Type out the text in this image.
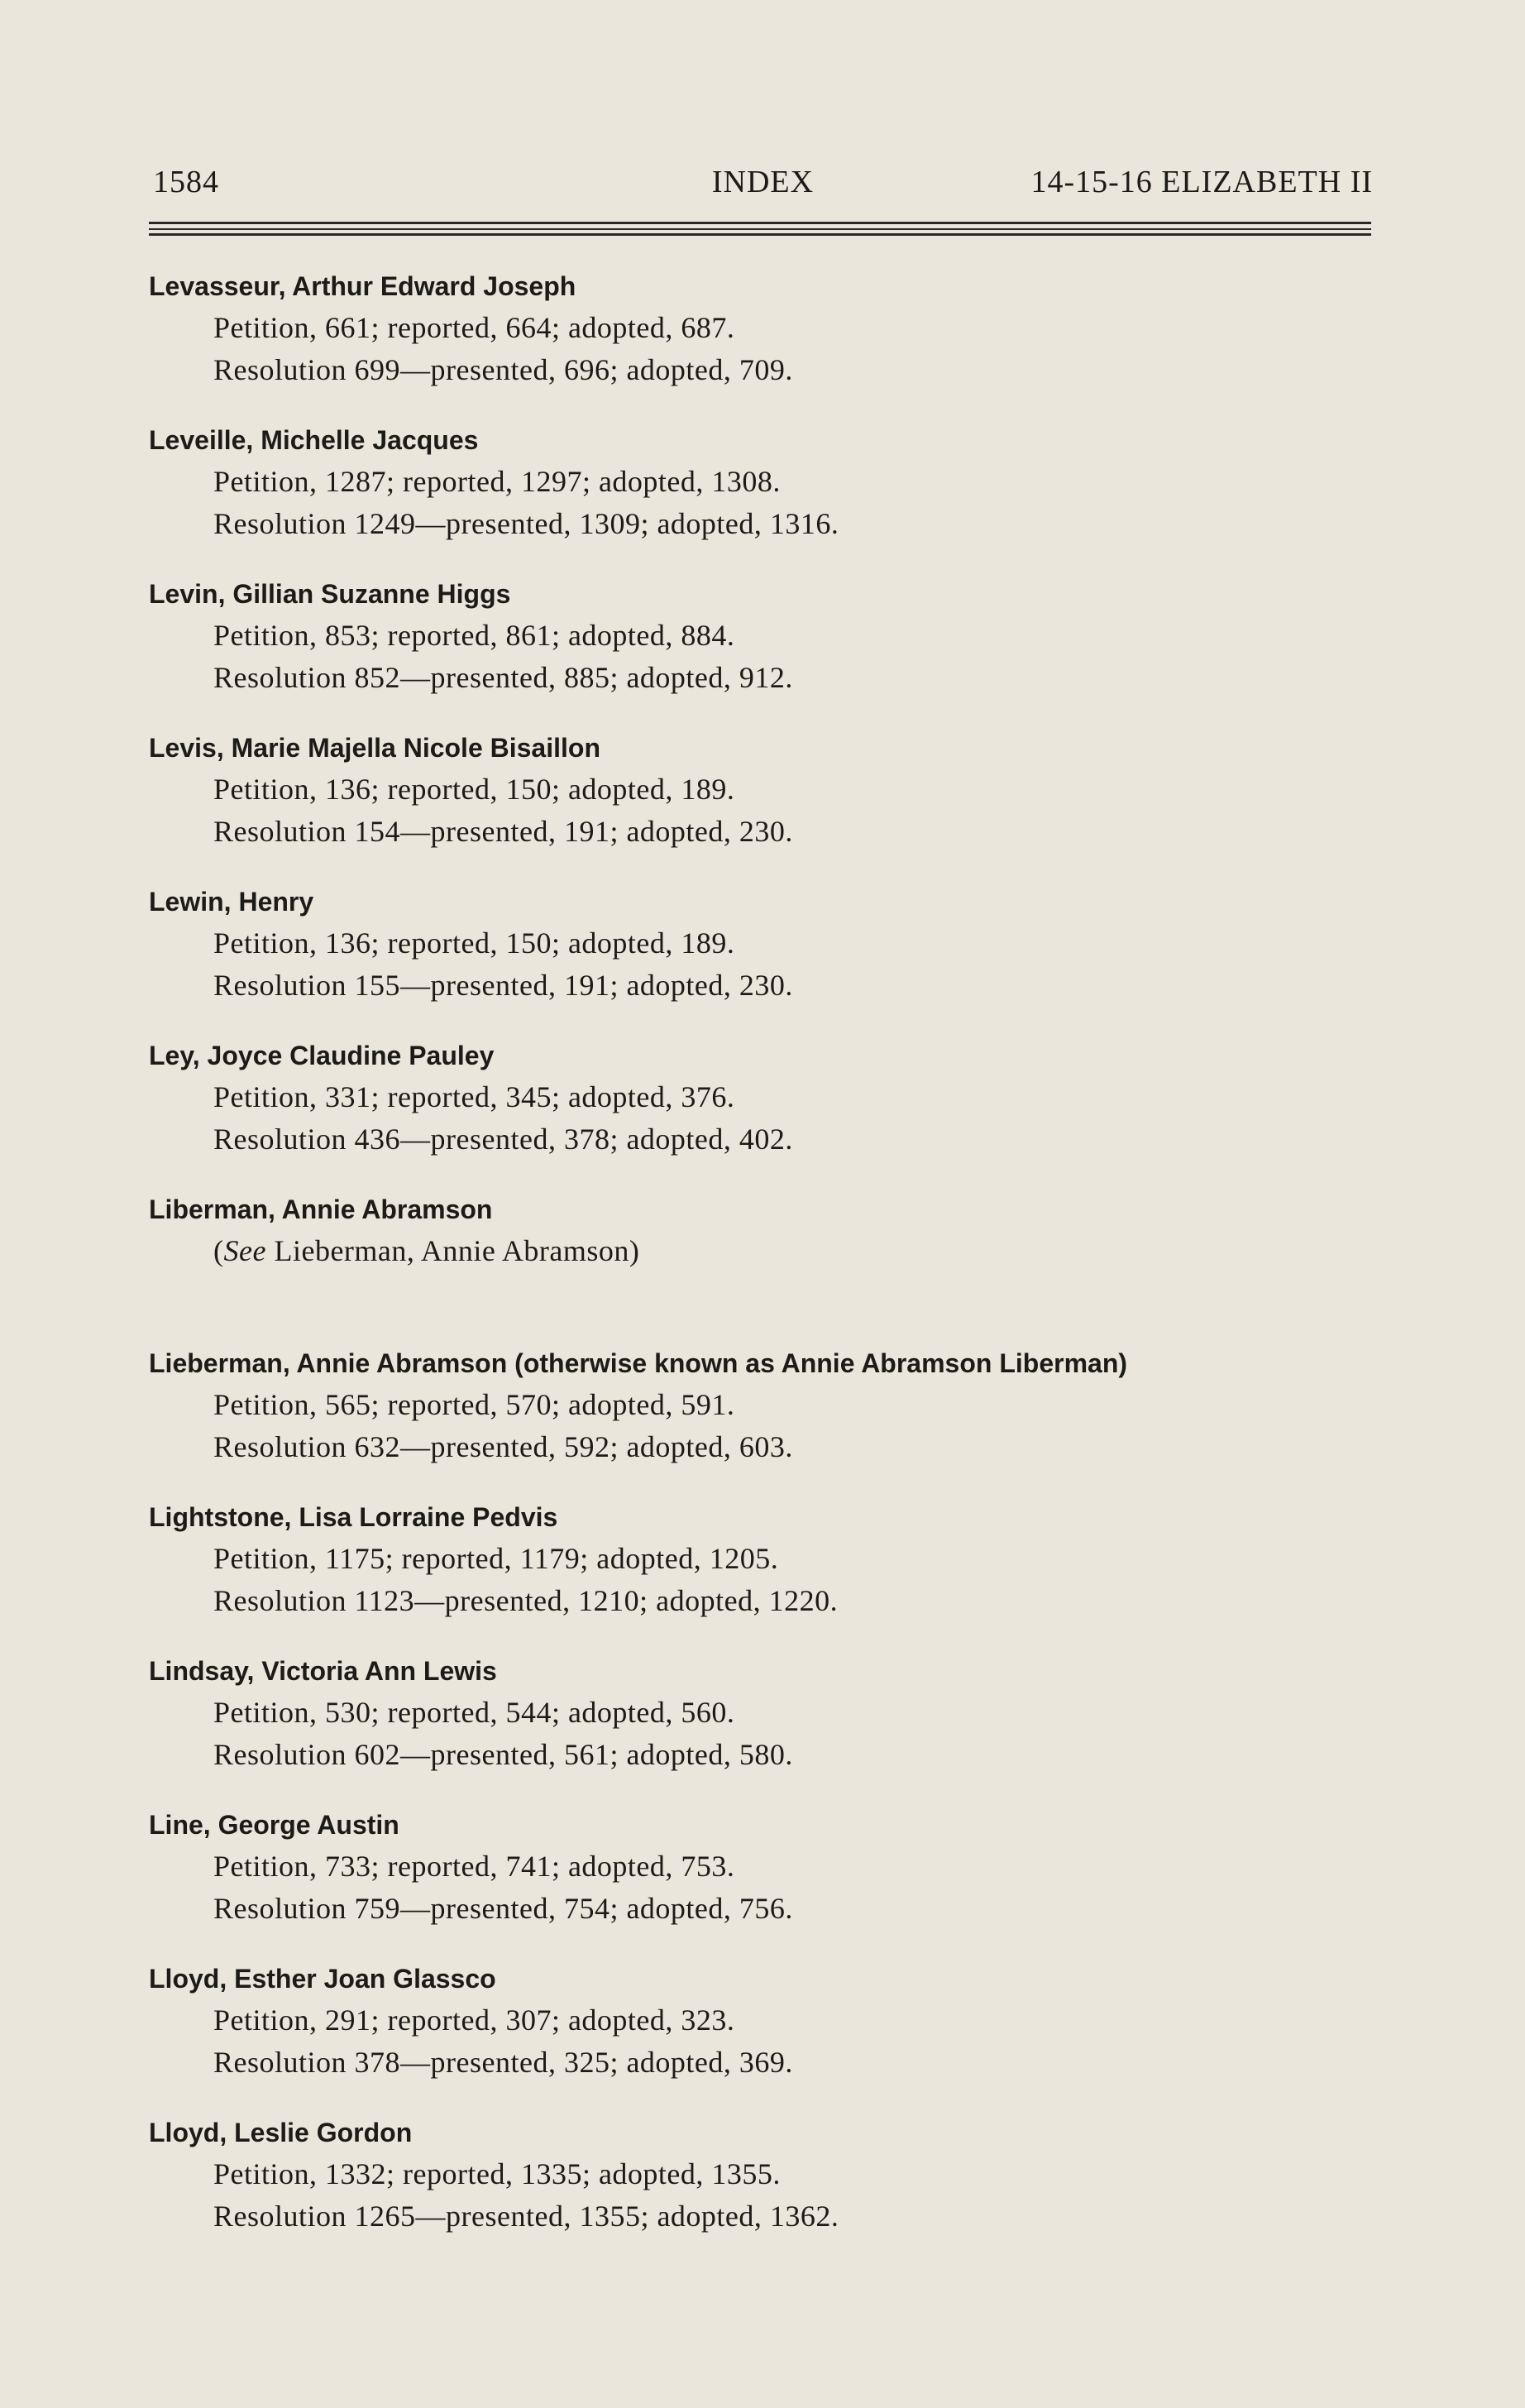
1584	INDEX	14-15-16 ELIZABETH II
Levasseur, Arthur Edward Joseph
Petition, 661; reported, 664; adopted, 687.
Resolution 699—presented, 696; adopted, 709.
Leveille, Michelle Jacques
Petition, 1287; reported, 1297; adopted, 1308.
Resolution 1249—presented, 1309; adopted, 1316.
Levin, Gillian Suzanne Higgs
Petition, 853; reported, 861; adopted, 884.
Resolution 852—presented, 885; adopted, 912.
Levis, Marie Majella Nicole Bisaillon
Petition, 136; reported, 150; adopted, 189.
Resolution 154—presented, 191; adopted, 230.
Lewin, Henry
Petition, 136; reported, 150; adopted, 189.
Resolution 155—presented, 191; adopted, 230.
Ley, Joyce Claudine Pauley
Petition, 331; reported, 345; adopted, 376.
Resolution 436—presented, 378; adopted, 402.
Liberman, Annie Abramson
(See Lieberman, Annie Abramson)
Lieberman, Annie Abramson (otherwise known as Annie Abramson Liberman)
Petition, 565; reported, 570; adopted, 591.
Resolution 632—presented, 592; adopted, 603.
Lightstone, Lisa Lorraine Pedvis
Petition, 1175; reported, 1179; adopted, 1205.
Resolution 1123—presented, 1210; adopted, 1220.
Lindsay, Victoria Ann Lewis
Petition, 530; reported, 544; adopted, 560.
Resolution 602—presented, 561; adopted, 580.
Line, George Austin
Petition, 733; reported, 741; adopted, 753.
Resolution 759—presented, 754; adopted, 756.
Lloyd, Esther Joan Glassco
Petition, 291; reported, 307; adopted, 323.
Resolution 378—presented, 325; adopted, 369.
Lloyd, Leslie Gordon
Petition, 1332; reported, 1335; adopted, 1355.
Resolution 1265—presented, 1355; adopted, 1362.
